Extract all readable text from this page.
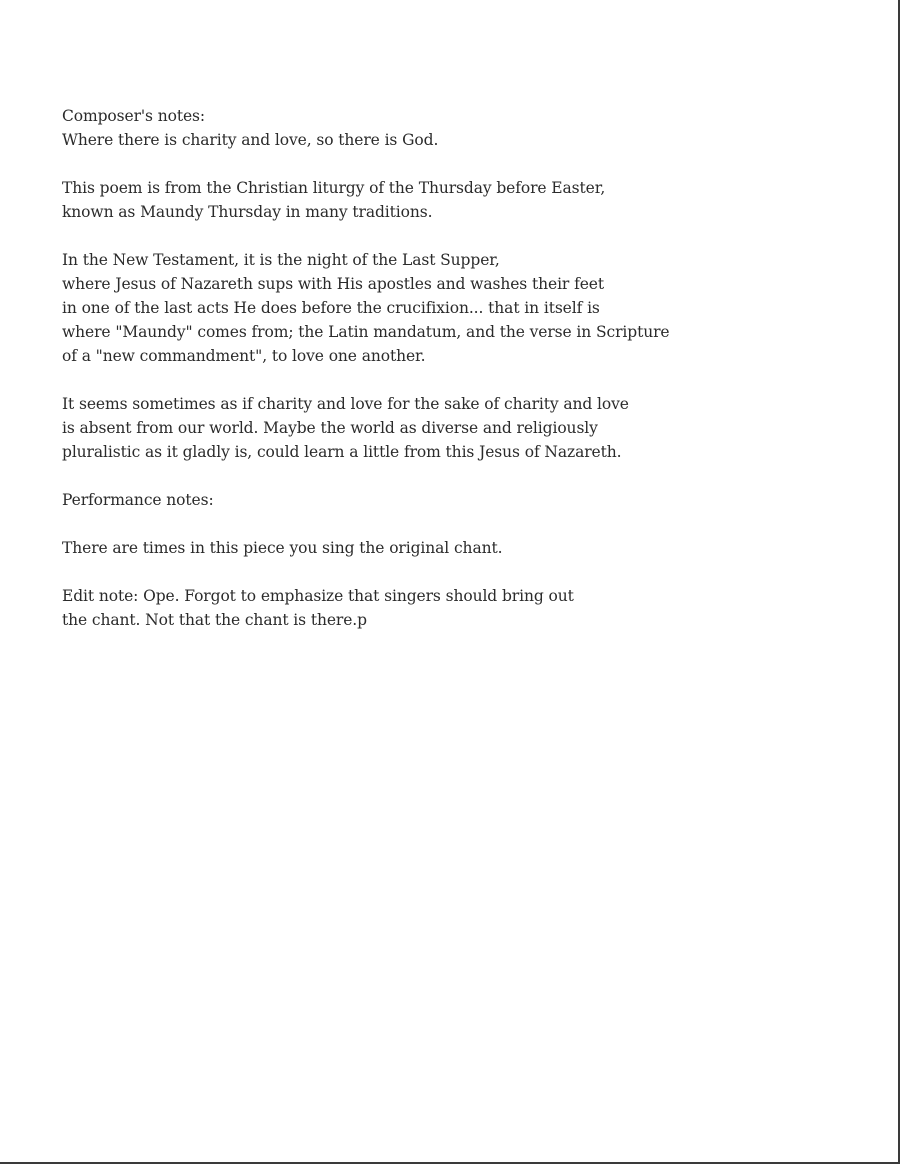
Composer's notes:
Where there is charity and love, so there is God.
This poem is from the Christian liturgy of the Thursday before Easter,
known as Maundy Thursday in many traditions.
In the New Testament, it is the night of the Last Supper,
where Jesus of Nazareth sups with His apostles and washes their feet
in one of the last acts He does before the crucifixion... that in itself is
where "Maundy" comes from; the Latin mandatum, and the verse in Scripture
of a "new commandment", to love one another.
It seems sometimes as if charity and love for the sake of charity and love
is absent from our world. Maybe the world as diverse and religiously
pluralistic as it gladly is, could learn a little from this Jesus of Nazareth.
Performance notes:
There are times in this piece you sing the original chant.
Edit note: Ope. Forgot to emphasize that singers should bring out
the chant. Not that the chant is there.p
